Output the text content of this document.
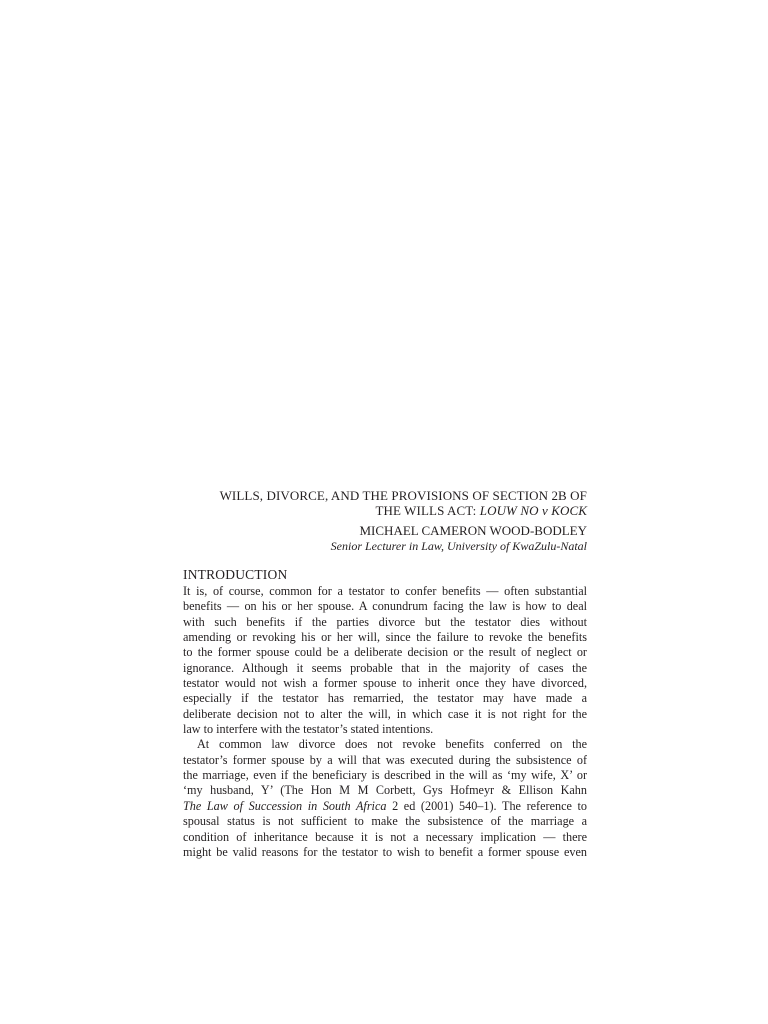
WILLS, DIVORCE, AND THE PROVISIONS OF SECTION 2B OF
THE WILLS ACT: LOUW NO v KOCK
MICHAEL CAMERON WOOD-BODLEY
Senior Lecturer in Law, University of KwaZulu-Natal
INTRODUCTION
It is, of course, common for a testator to confer benefits — often substantial
benefits — on his or her spouse. A conundrum facing the law is how to deal
with such benefits if the parties divorce but the testator dies without
amending or revoking his or her will, since the failure to revoke the benefits
to the former spouse could be a deliberate decision or the result of neglect or
ignorance. Although it seems probable that in the majority of cases the
testator would not wish a former spouse to inherit once they have divorced,
especially if the testator has remarried, the testator may have made a
deliberate decision not to alter the will, in which case it is not right for the
law to interfere with the testator’s stated intentions.
At common law divorce does not revoke benefits conferred on the
testator’s former spouse by a will that was executed during the subsistence of
the marriage, even if the beneficiary is described in the will as ‘my wife, X’ or
‘my husband, Y’ (The Hon M M Corbett, Gys Hofmeyr & Ellison Kahn
The Law of Succession in South Africa 2 ed (2001) 540–1). The reference to
spousal status is not sufficient to make the subsistence of the marriage a
condition of inheritance because it is not a necessary implication — there
might be valid reasons for the testator to wish to benefit a former spouse even
